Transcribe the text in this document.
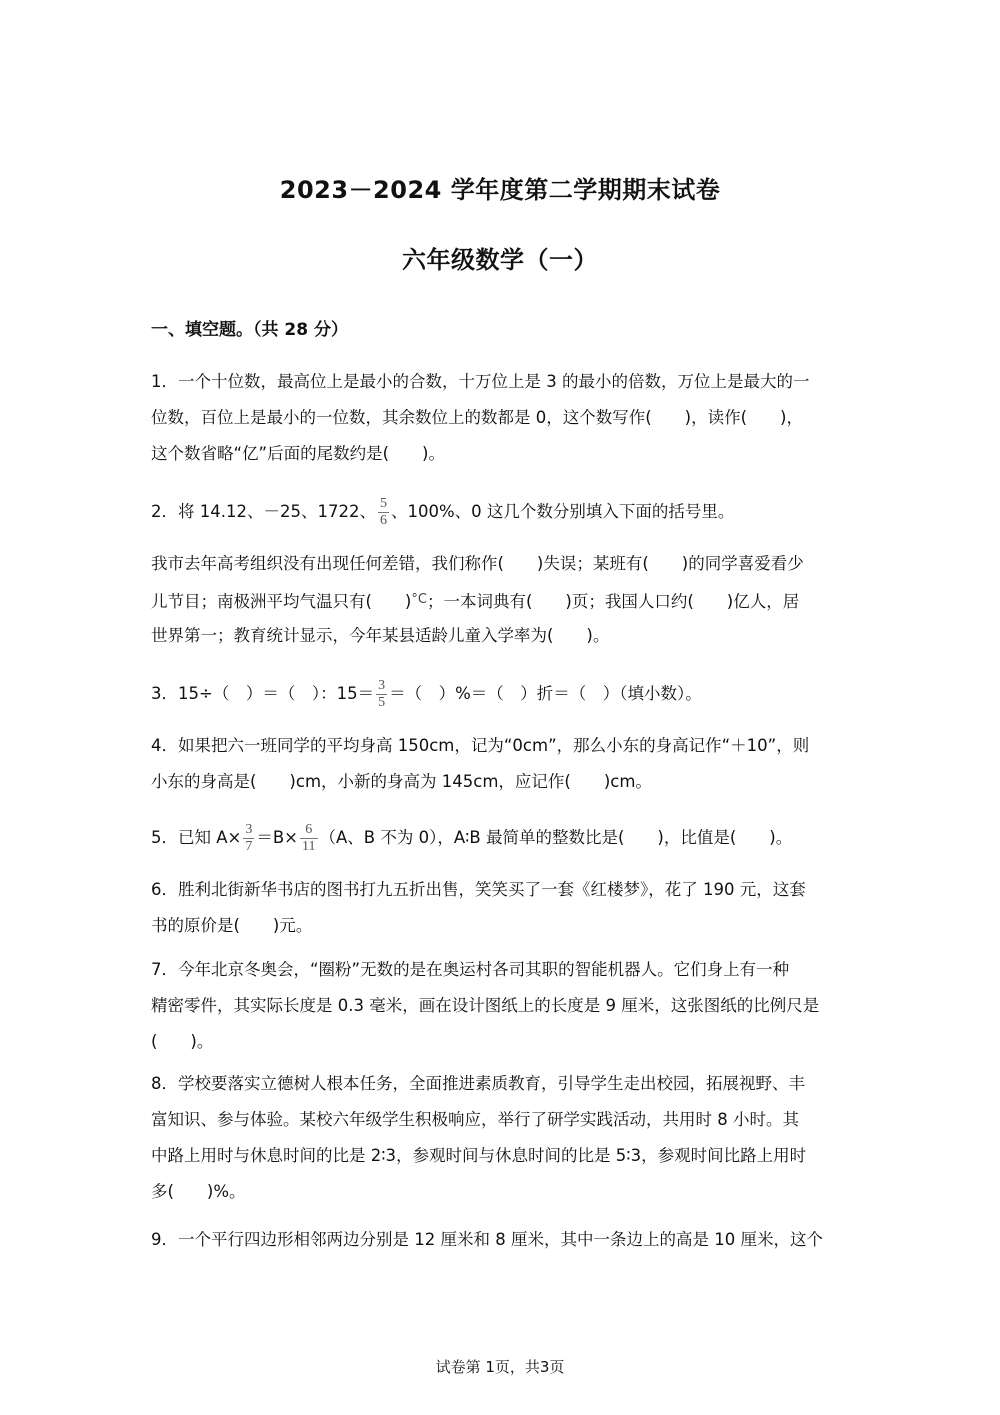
2023－2024 学年度第二学期期末试卷
六年级数学（一）
一、填空题。（共 28 分）
1．一个十位数，最高位上是最小的合数，十万位上是 3 的最小的倍数，万位上是最大的一
位数，百位上是最小的一位数，其余数位上的数都是 0，这个数写作(　　)，读作(　　)，
这个数省略“亿”后面的尾数约是(　　)。
2．将 14.12、－25、1722、 $\frac{5}{6}$ 、100%、0 这几个数分别填入下面的括号里。
我市去年高考组织没有出现任何差错，我们称作(　　)失误；某班有(　　)的同学喜爱看少
儿节目；南极洲平均气温只有(　　)$^{^\circ C}$；一本词典有(　　)页；我国人口约(　　)亿人，居
世界第一；教育统计显示，今年某县适龄儿童入学率为(　　)。
3．15÷（　）＝（　）：$15= \frac{3}{5}$ ＝（　）%＝（　）折＝（　）（填小数）。
4．如果把六一班同学的平均身高 150cm，记为“0cm”，那么小东的身高记作“＋10”，则
小东的身高是(　　)cm，小新的身高为 145cm，应记作(　　)cm。
5．已知 $A\times \frac{3}{7} =B\times \frac{6}{11} (A$、B 不为 0），A∶B 最简单的整数比是(　　)，比值是(　　)。
6．胜利北街新华书店的图书打九五折出售，笑笑买了一套《红楼梦》，花了 190 元，这套
书的原价是(　　)元。
7．今年北京冬奥会，“圈粉”无数的是在奥运村各司其职的智能机器人。它们身上有一种
精密零件，其实际长度是 0.3 毫米，画在设计图纸上的长度是 9 厘米，这张图纸的比例尺是
(　　)。
8．学校要落实立德树人根本任务，全面推进素质教育，引导学生走出校园，拓展视野、丰
富知识、参与体验。某校六年级学生积极响应，举行了研学实践活动，共用时 8 小时。其
中路上用时与休息时间的比是 2∶3，参观时间与休息时间的比是 5∶3，参观时间比路上用时
多(　　)%。
9．一个平行四边形相邻两边分别是 12 厘米和 8 厘米，其中一条边上的高是 10 厘米，这个
试卷第 1页，共3页
